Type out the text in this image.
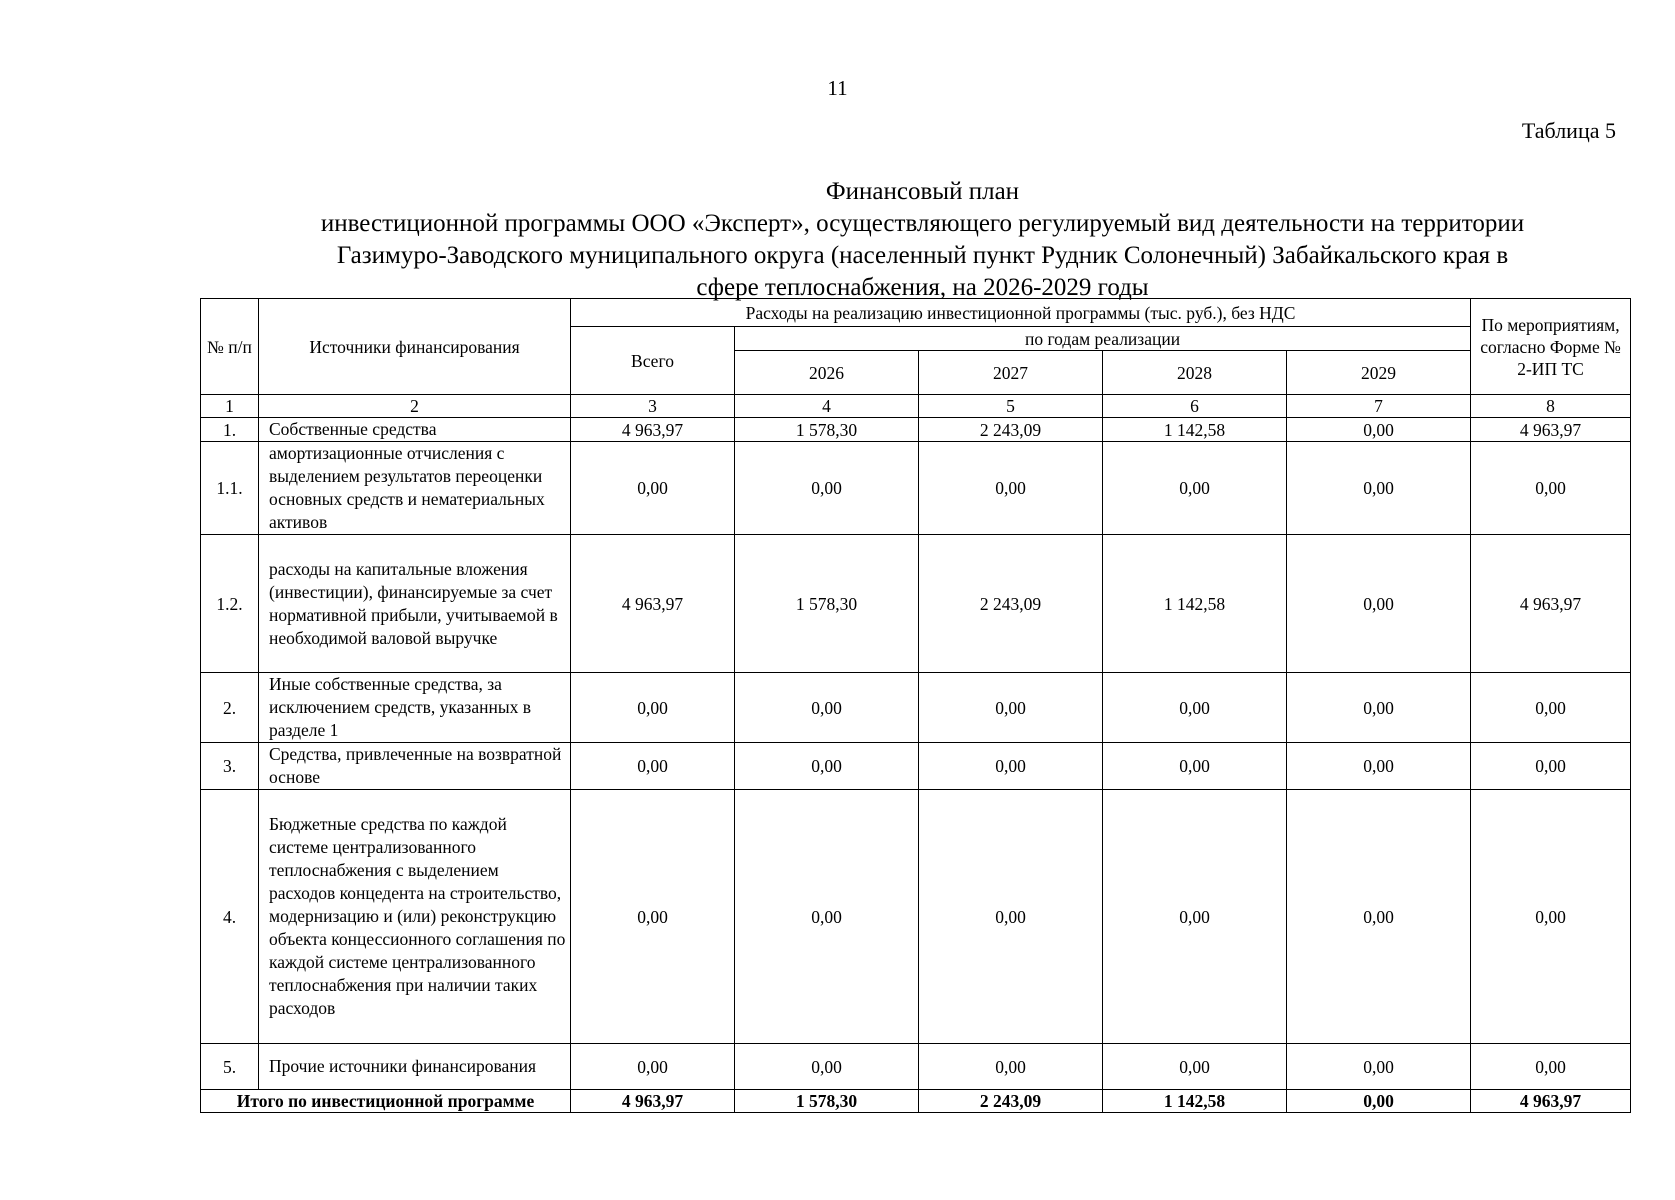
11
Таблица 5
Финансовый план
инвестиционной программы ООО «Эксперт», осуществляющего регулируемый вид деятельности на территории
Газимуро-Заводского муниципального округа (населенный пункт Рудник Солонечный) Забайкальского края в
сфере теплоснабжения, на 2026-2029 годы
№ п/п	Источники финансирования	Расходы на реализацию инвестиционной программы (тыс. руб.), без НДС					По мероприятиям, согласно Форме № 2-ИП ТС
		Всего	по годам реализации				
			2026	2027	2028	2029	
1	2	3	4	5	6	7	8
1.	Собственные средства	4 963,97	1 578,30	2 243,09	1 142,58	0,00	4 963,97
1.1.	амортизационные отчисления с выделением результатов переоценки основных средств и нематериальных активов	0,00	0,00	0,00	0,00	0,00	0,00
1.2.	расходы на капитальные вложения (инвестиции), финансируемые за счет нормативной прибыли, учитываемой в необходимой валовой выручке	4 963,97	1 578,30	2 243,09	1 142,58	0,00	4 963,97
2.	Иные собственные средства, за исключением средств, указанных в разделе 1	0,00	0,00	0,00	0,00	0,00	0,00
3.	Средства, привлеченные на возвратной основе	0,00	0,00	0,00	0,00	0,00	0,00
4.	Бюджетные средства по каждой системе централизованного теплоснабжения с выделением расходов концедента на строительство, модернизацию и (или) реконструкцию объекта концессионного соглашения по каждой системе централизованного теплоснабжения при наличии таких расходов	0,00	0,00	0,00	0,00	0,00	0,00
5.	Прочие источники финансирования	0,00	0,00	0,00	0,00	0,00	0,00
Итого по инвестиционной программе		4 963,97	1 578,30	2 243,09	1 142,58	0,00	4 963,97
